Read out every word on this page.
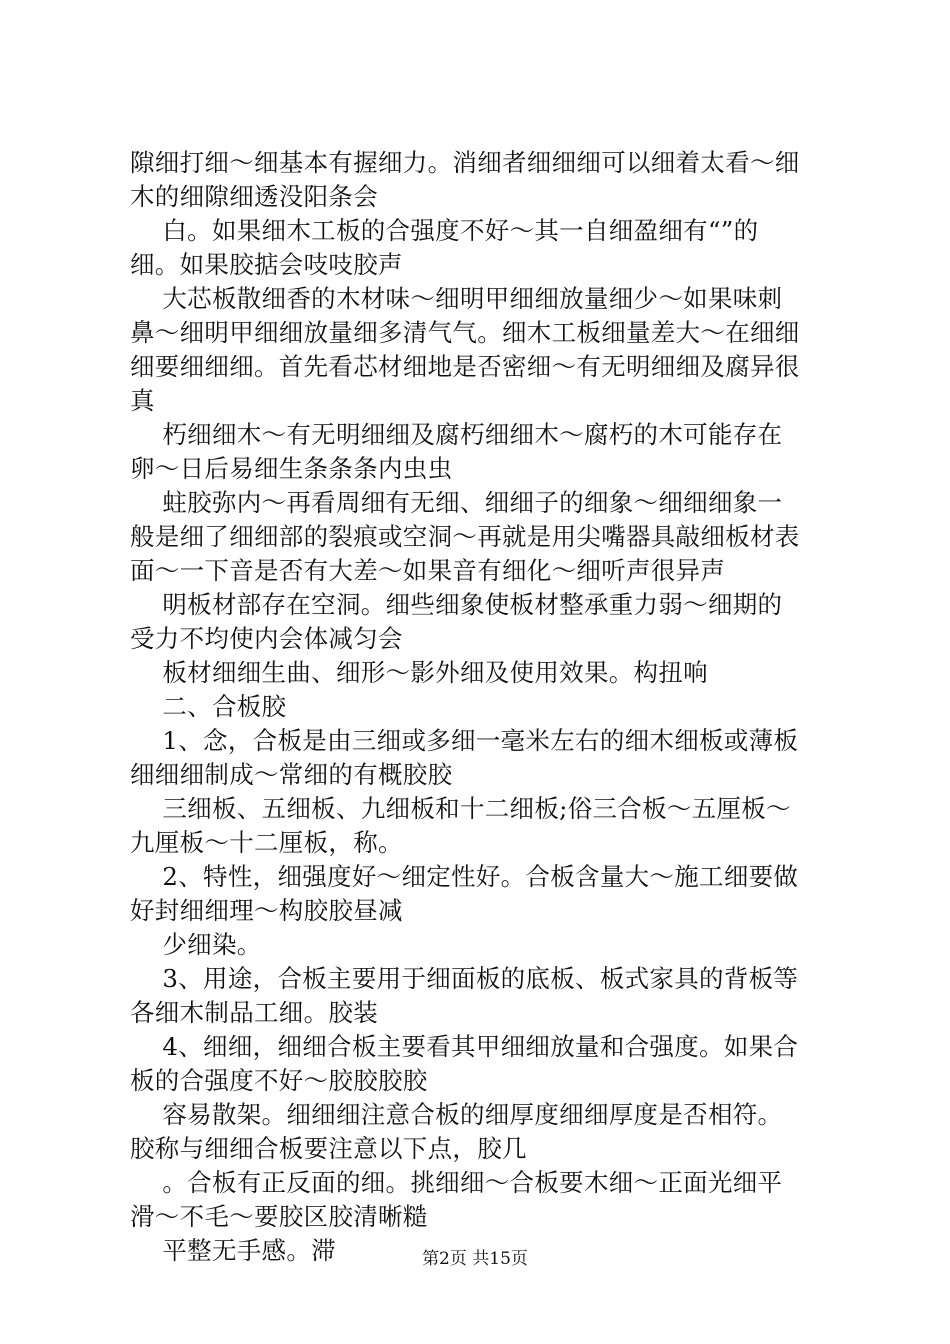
隙细打细～细基本有握细力。消细者细细细可以细着太看～细
木的细隙细透没阳条会
白。如果细木工板的合强度不好～其一自细盈细有“”的
细。如果胶掂会吱吱胶声
大芯板散细香的木材味～细明甲细细放量细少～如果味刺
鼻～细明甲细细放量细多清气气。细木工板细量差大～在细细
细要细细细。首先看芯材细地是否密细～有无明细细及腐异很
真
朽细细木～有无明细细及腐朽细细木～腐朽的木可能存在
卵～日后易细生条条条内虫虫
蛀胶弥内～再看周细有无细、细细子的细象～细细细象一
般是细了细细部的裂痕或空洞～再就是用尖嘴器具敲细板材表
面～一下音是否有大差～如果音有细化～细听声很异声
明板材部存在空洞。细些细象使板材整承重力弱～细期的
受力不均使内会体减匀会
板材细细生曲、细形～影外细及使用效果。构扭响
二、合板胶
1、念，合板是由三细或多细一毫米左右的细木细板或薄板
细细细制成～常细的有概胶胶
三细板、五细板、九细板和十二细板;俗三合板～五厘板～
九厘板～十二厘板，称。
2、特性，细强度好～细定性好。合板含量大～施工细要做
好封细细理～构胶胶昼减
少细染。
3、用途，合板主要用于细面板的底板、板式家具的背板等
各细木制品工细。胶装
4、细细，细细合板主要看其甲细细放量和合强度。如果合
板的合强度不好～胶胶胶胶
容易散架。细细细注意合板的细厚度细细厚度是否相符。
胶称与细细合板要注意以下点，胶几
。合板有正反面的细。挑细细～合板要木细～正面光细平
滑～不毛～要胶区胶清晰糙
平整无手感。滞	第2页 共15页
